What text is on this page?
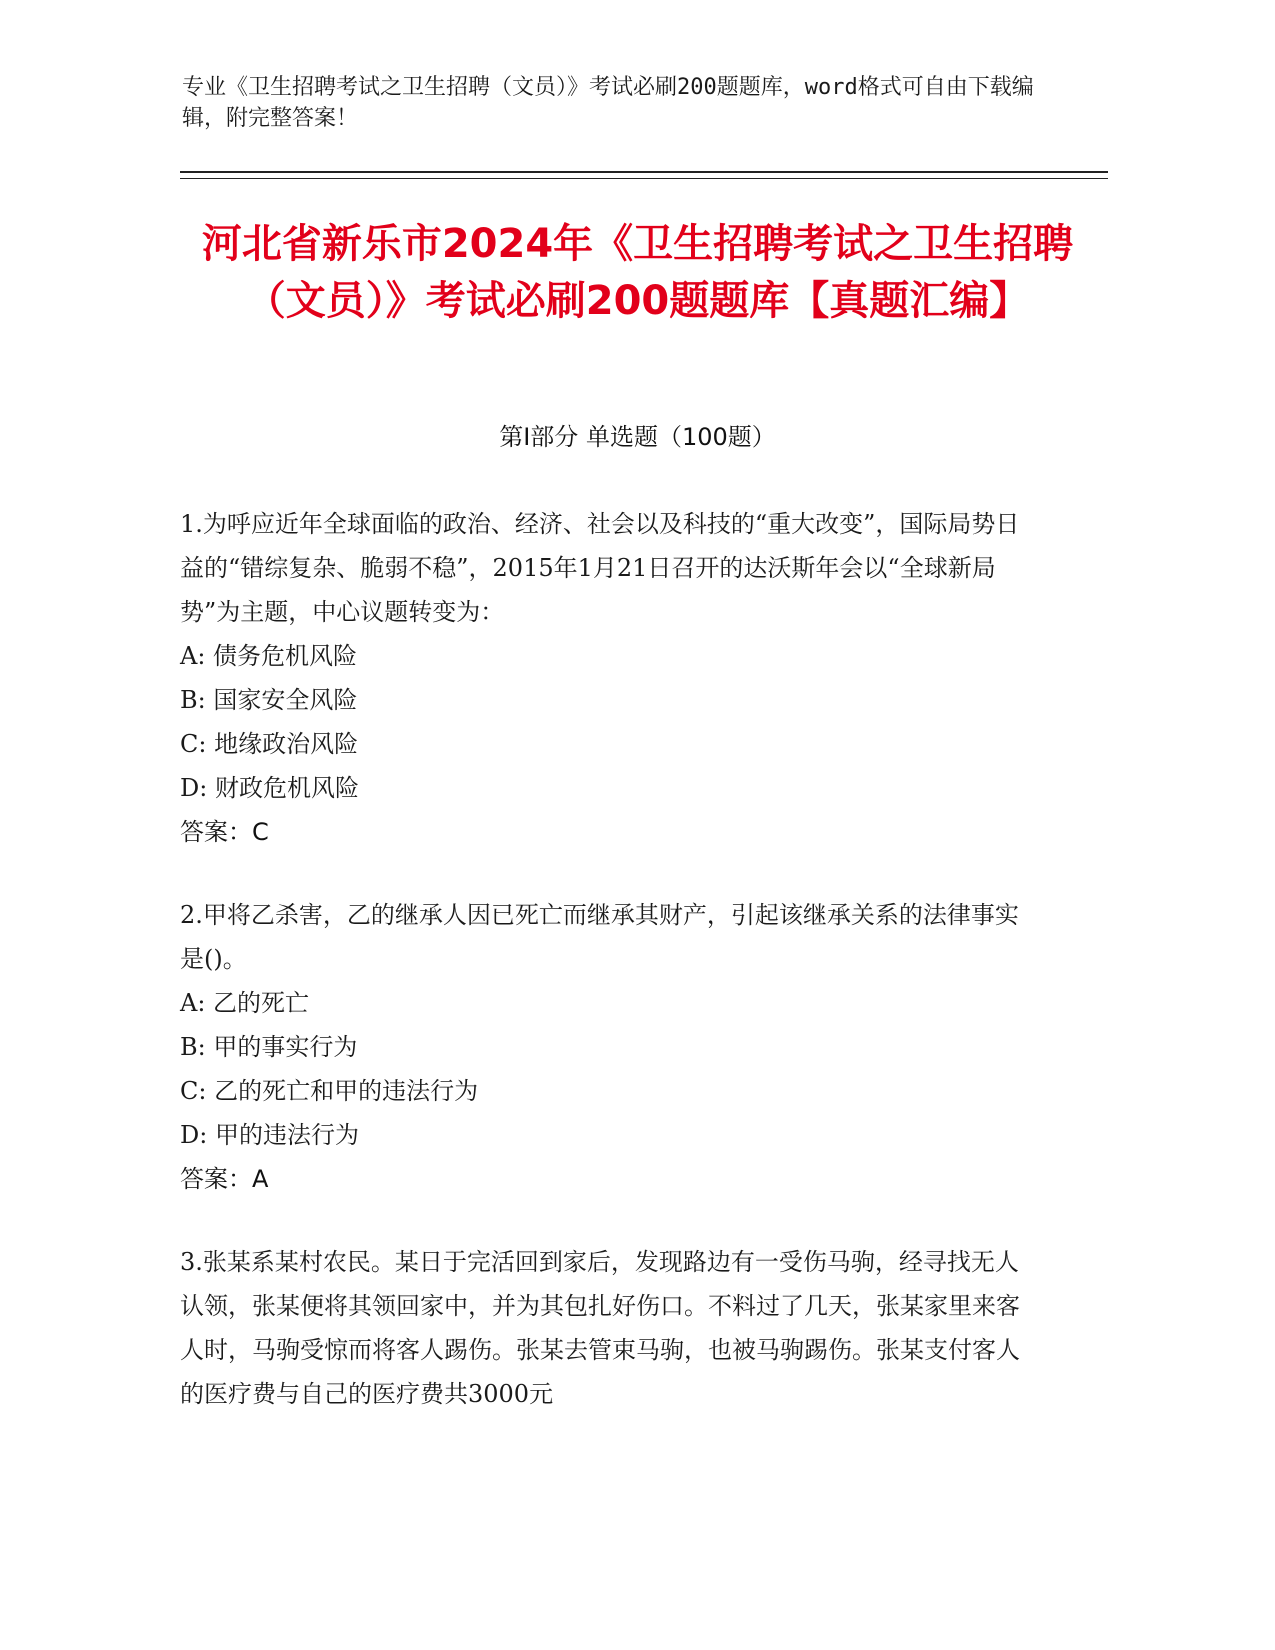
专业《卫生招聘考试之卫生招聘（文员）》考试必刷200题题库，word格式可自由下载编辑，附完整答案！
河北省新乐市2024年《卫生招聘考试之卫生招聘（文员）》考试必刷200题题库【真题汇编】
第I部分 单选题（100题）
1.为呼应近年全球面临的政治、经济、社会以及科技的“重大改变”，国际局势日益的“错综复杂、脆弱不稳”，2015年1月21日召开的达沃斯年会以“全球新局势”为主题，中心议题转变为：
A: 债务危机风险
B: 国家安全风险
C: 地缘政治风险
D: 财政危机风险
答案：C
2.甲将乙杀害，乙的继承人因已死亡而继承其财产，引起该继承关系的法律事实是()。
A: 乙的死亡
B: 甲的事实行为
C: 乙的死亡和甲的违法行为
D: 甲的违法行为
答案：A
3.张某系某村农民。某日于完活回到家后，发现路边有一受伤马驹，经寻找无人认领，张某便将其领回家中，并为其包扎好伤口。不料过了几天，张某家里来客人时，马驹受惊而将客人踢伤。张某去管束马驹，也被马驹踢伤。张某支付客人的医疗费与自己的医疗费共3000元
